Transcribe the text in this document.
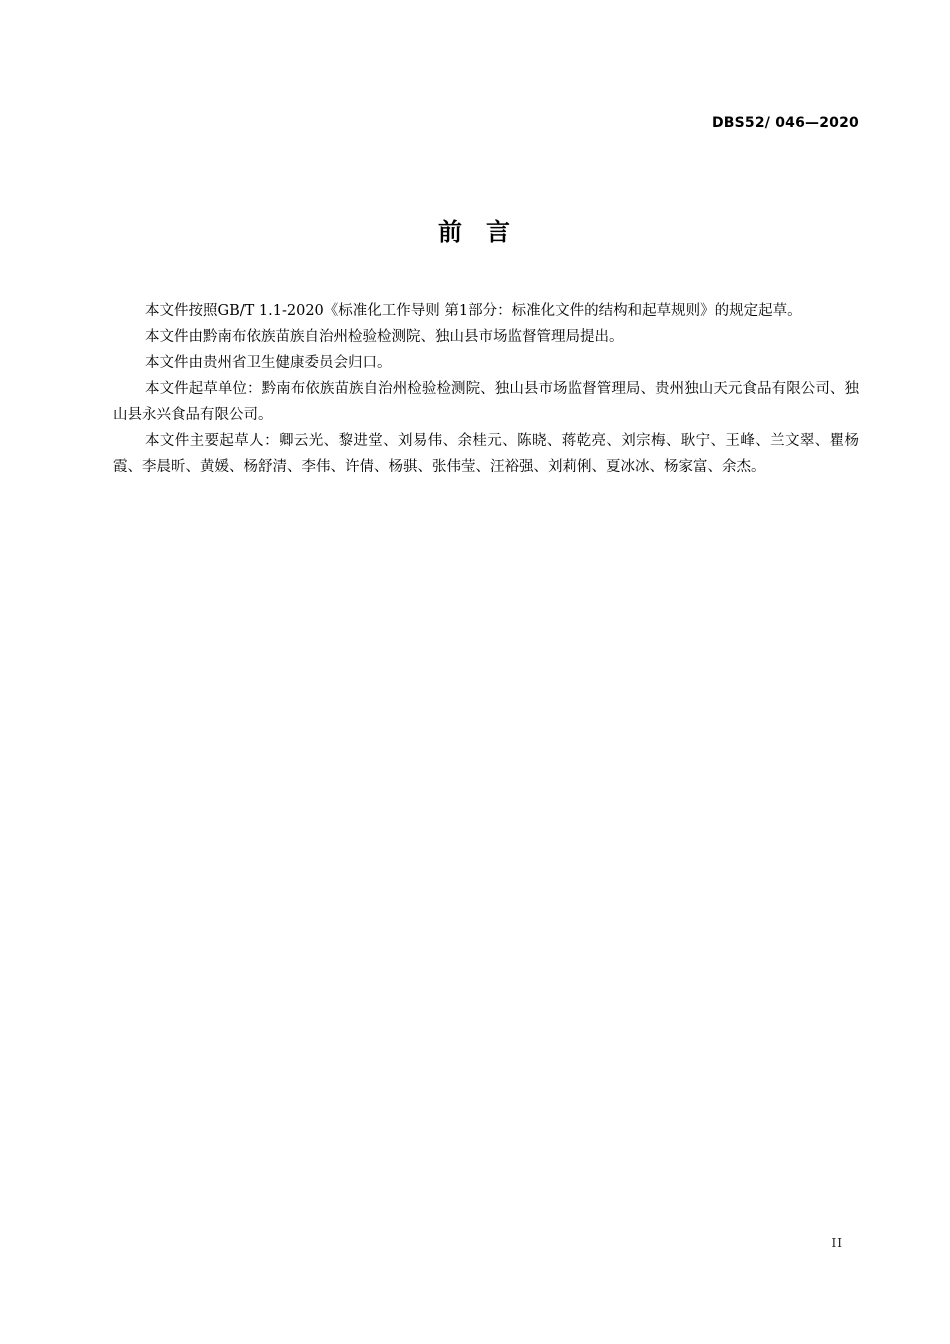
DBS52/ 046—2020
前 言

本文件按照GB/T 1.1-2020《标准化工作导则 第1部分：标准化文件的结构和起草规则》的规定起草。

本文件由黔南布依族苗族自治州检验检测院、独山县市场监督管理局提出。

本文件由贵州省卫生健康委员会归口。

本文件起草单位：黔南布依族苗族自治州检验检测院、独山县市场监督管理局、贵州独山天元食品有限公司、独山县永兴食品有限公司。

本文件主要起草人：卿云光、黎进堂、刘易伟、余桂元、陈晓、蒋乾亮、刘宗梅、耿宁、王峰、兰文翠、瞿杨霞、李晨昕、黄媛、杨舒清、李伟、许倩、杨骐、张伟莹、汪裕强、刘莉俐、夏冰冰、杨家富、余杰。

II
